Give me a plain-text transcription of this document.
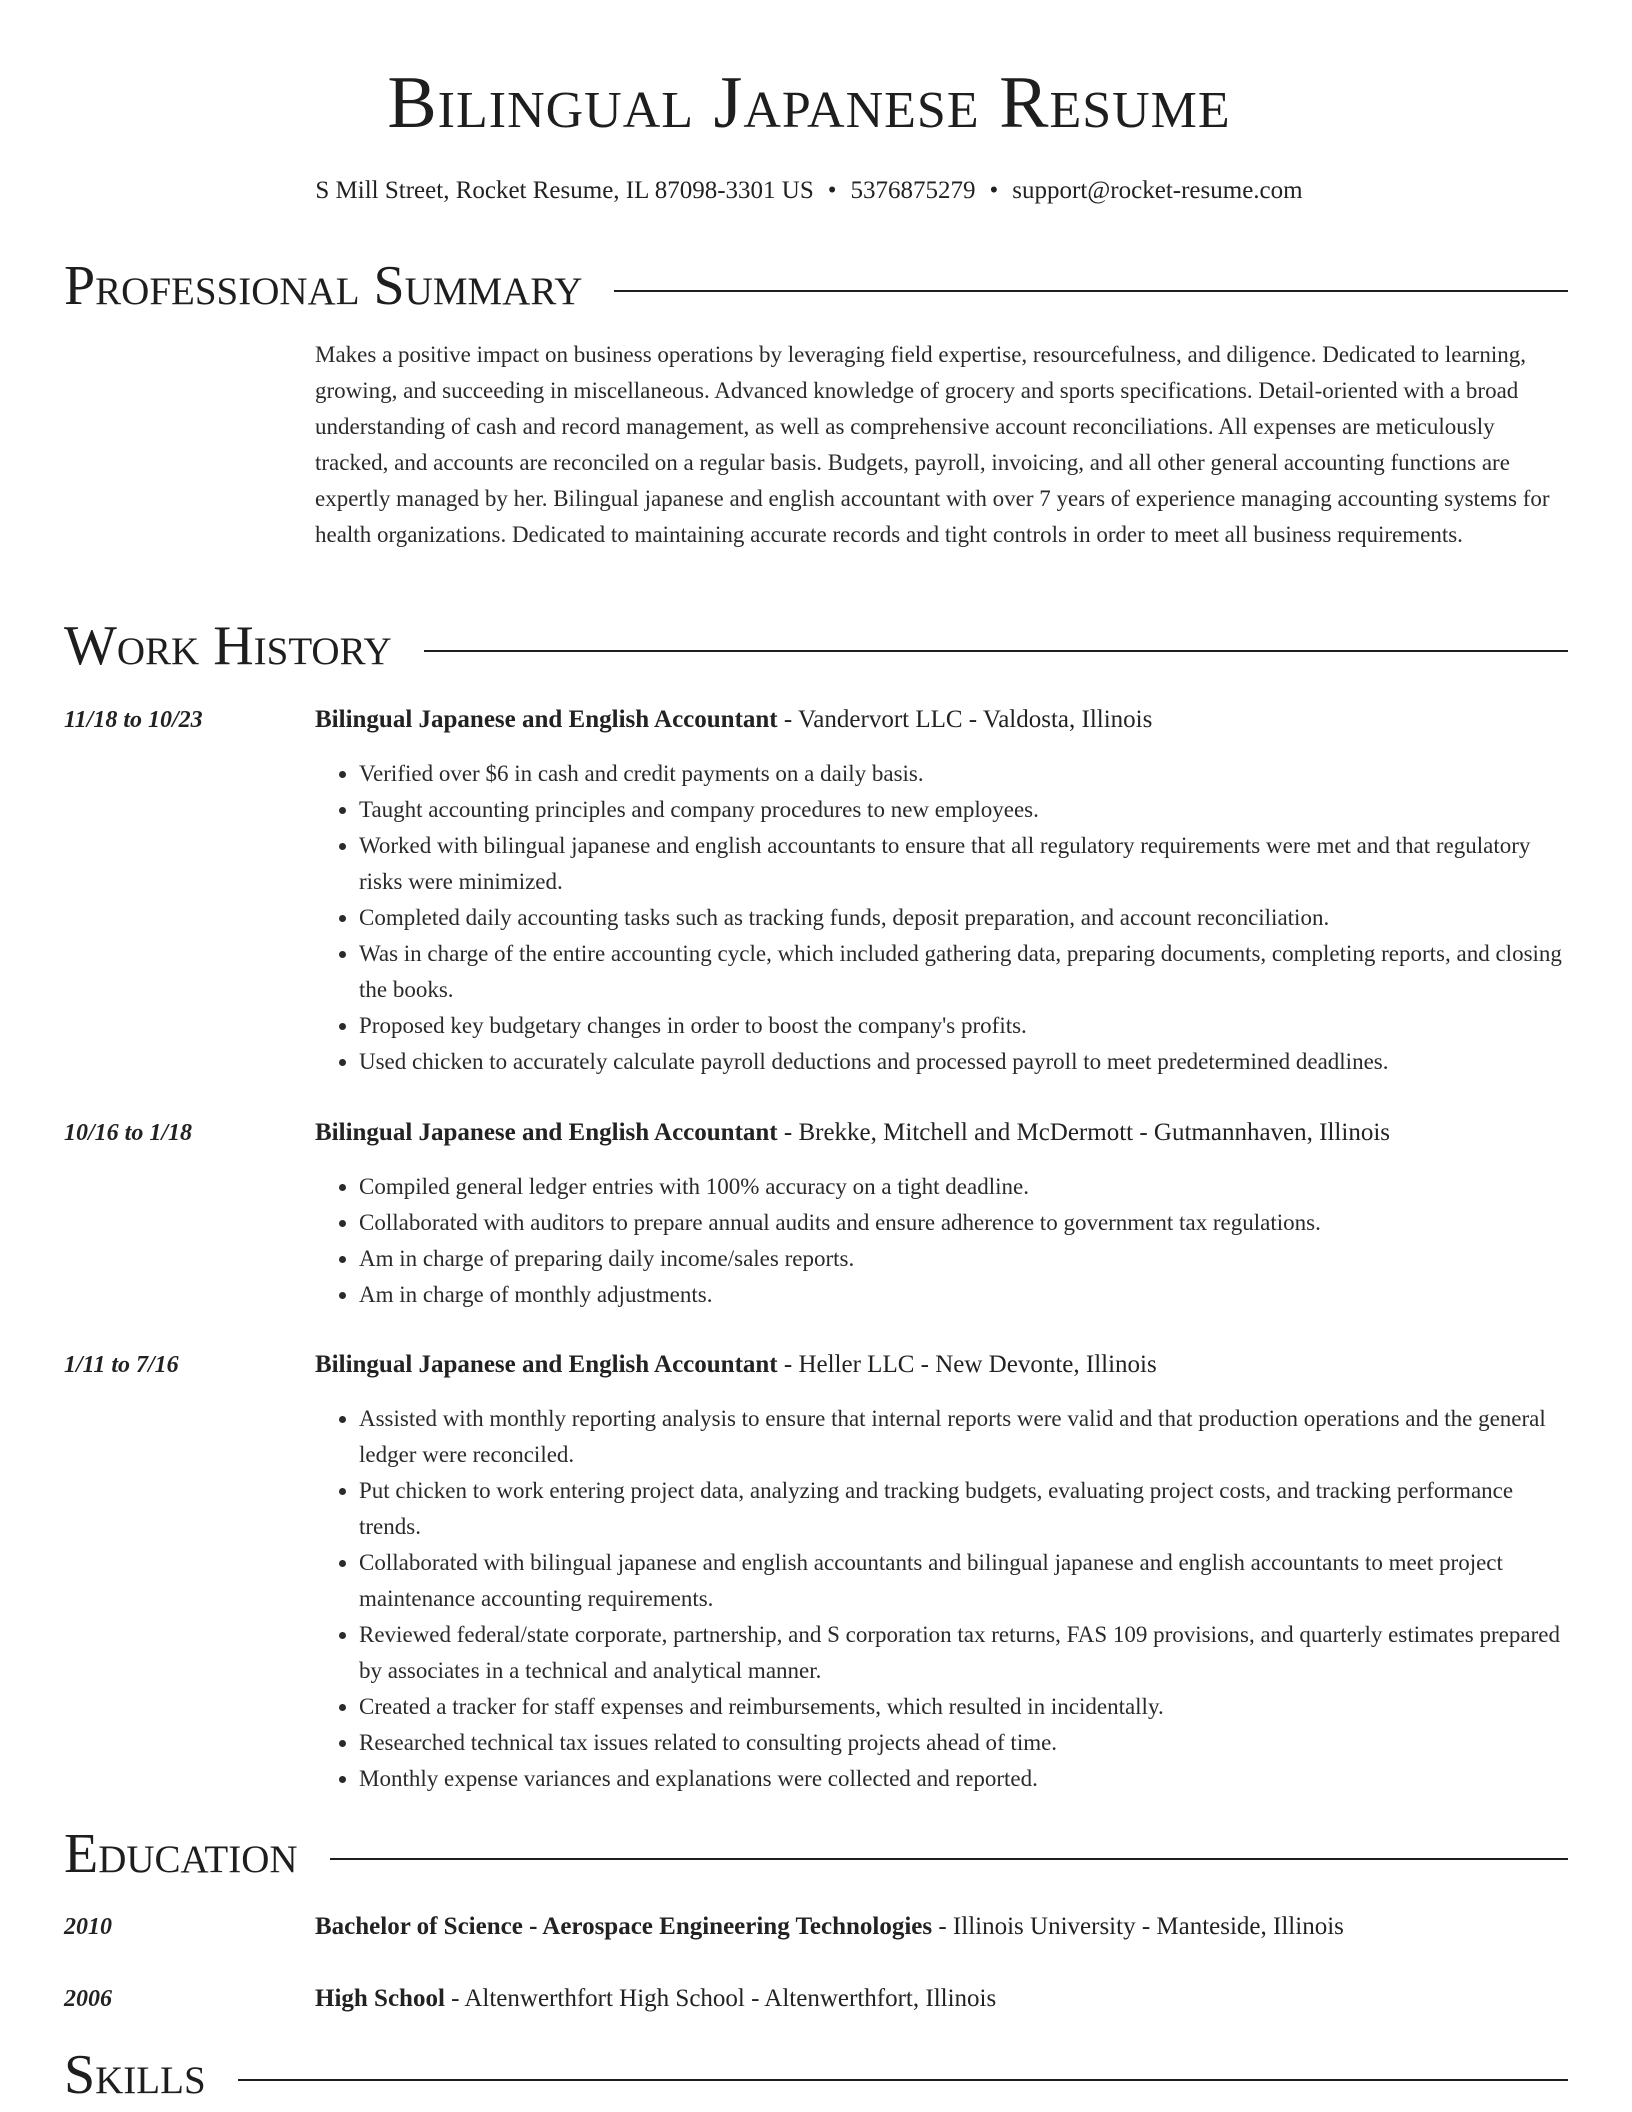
Bilingual Japanese Resume
S Mill Street, Rocket Resume, IL 87098-3301 US • 5376875279 • support@rocket-resume.com
Professional Summary
Makes a positive impact on business operations by leveraging field expertise, resourcefulness, and diligence. Dedicated to learning, growing, and succeeding in miscellaneous. Advanced knowledge of grocery and sports specifications. Detail-oriented with a broad understanding of cash and record management, as well as comprehensive account reconciliations. All expenses are meticulously tracked, and accounts are reconciled on a regular basis. Budgets, payroll, invoicing, and all other general accounting functions are expertly managed by her. Bilingual japanese and english accountant with over 7 years of experience managing accounting systems for health organizations. Dedicated to maintaining accurate records and tight controls in order to meet all business requirements.
Work History
11/18 to 10/23	Bilingual Japanese and English Accountant - Vandervort LLC - Valdosta, Illinois
• Verified over $6 in cash and credit payments on a daily basis.
• Taught accounting principles and company procedures to new employees.
• Worked with bilingual japanese and english accountants to ensure that all regulatory requirements were met and that regulatory risks were minimized.
• Completed daily accounting tasks such as tracking funds, deposit preparation, and account reconciliation.
• Was in charge of the entire accounting cycle, which included gathering data, preparing documents, completing reports, and closing the books.
• Proposed key budgetary changes in order to boost the company's profits.
• Used chicken to accurately calculate payroll deductions and processed payroll to meet predetermined deadlines.
10/16 to 1/18	Bilingual Japanese and English Accountant - Brekke, Mitchell and McDermott - Gutmannhaven, Illinois
• Compiled general ledger entries with 100% accuracy on a tight deadline.
• Collaborated with auditors to prepare annual audits and ensure adherence to government tax regulations.
• Am in charge of preparing daily income/sales reports.
• Am in charge of monthly adjustments.
1/11 to 7/16	Bilingual Japanese and English Accountant - Heller LLC - New Devonte, Illinois
• Assisted with monthly reporting analysis to ensure that internal reports were valid and that production operations and the general ledger were reconciled.
• Put chicken to work entering project data, analyzing and tracking budgets, evaluating project costs, and tracking performance trends.
• Collaborated with bilingual japanese and english accountants and bilingual japanese and english accountants to meet project maintenance accounting requirements.
• Reviewed federal/state corporate, partnership, and S corporation tax returns, FAS 109 provisions, and quarterly estimates prepared by associates in a technical and analytical manner.
• Created a tracker for staff expenses and reimbursements, which resulted in incidentally.
• Researched technical tax issues related to consulting projects ahead of time.
• Monthly expense variances and explanations were collected and reported.
Education
2010	Bachelor of Science - Aerospace Engineering Technologies - Illinois University - Manteside, Illinois
2006	High School - Altenwerthfort High School - Altenwerthfort, Illinois
Skills
